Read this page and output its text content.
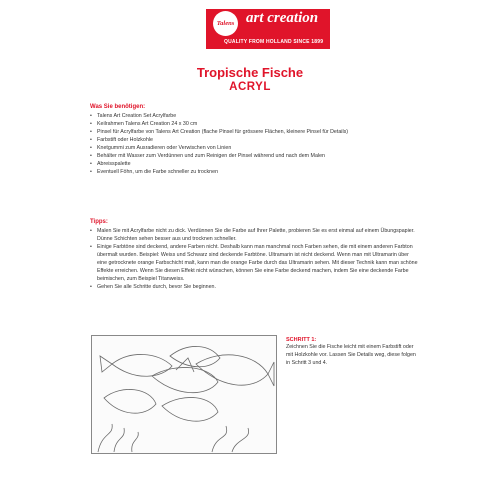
Talens art creation
QUALITY FROM HOLLAND SINCE 1899
Tropische Fische
ACRYL
Was Sie benötigen:
• Talens Art Creation Set Acrylfarbe
• Keilrahmen Talens Art Creation 24 x 30 cm
• Pinsel für Acrylfarbe von Talens Art Creation (flache Pinsel für grössere Flächen, kleinere Pinsel für Details)
• Farbstift oder Holzkohle
• Knetgummi zum Ausradieren oder Verwischen von Linien
• Behälter mit Wasser zum Verdünnen und zum Reinigen der Pinsel während und nach dem Malen
• Abreisspalette
• Eventuell Föhn, um die Farbe schneller zu trocknen
Tipps:
• Malen Sie mit Acrylfarbe nicht zu dick. Verdünnen Sie die Farbe auf Ihrer Palette, probieren Sie es erst einmal auf einem Übungspapier. Dünne Schichten sehen besser aus und trocknen schneller.
• Einige Farbtöne sind deckend, andere Farben nicht. Deshalb kann man manchmal noch Farben sehen, die mit einem anderen Farbton übermalt wurden. Beispiel: Weiss und Schwarz sind deckende Farbtöne. Ultramarin ist nicht deckend. Wenn man mit Ultramarin über eine getrocknete orange Farbschicht malt, kann man die orange Farbe durch das Ultramarin sehen. Mit dieser Technik kann man schöne Effekte erreichen. Wenn Sie diesen Effekt nicht wünschen, können Sie eine Farbe deckend machen, indem Sie eine deckende Farbe beimischen, zum Beispiel Titanweiss.
• Gehen Sie alle Schritte durch, bevor Sie beginnen.
SCHRITT 1:
Zeichnen Sie die Fische leicht mit einem Farbstift oder mit Holzkohle vor. Lassen Sie Details weg, diese folgen in Schritt 3 und 4.
